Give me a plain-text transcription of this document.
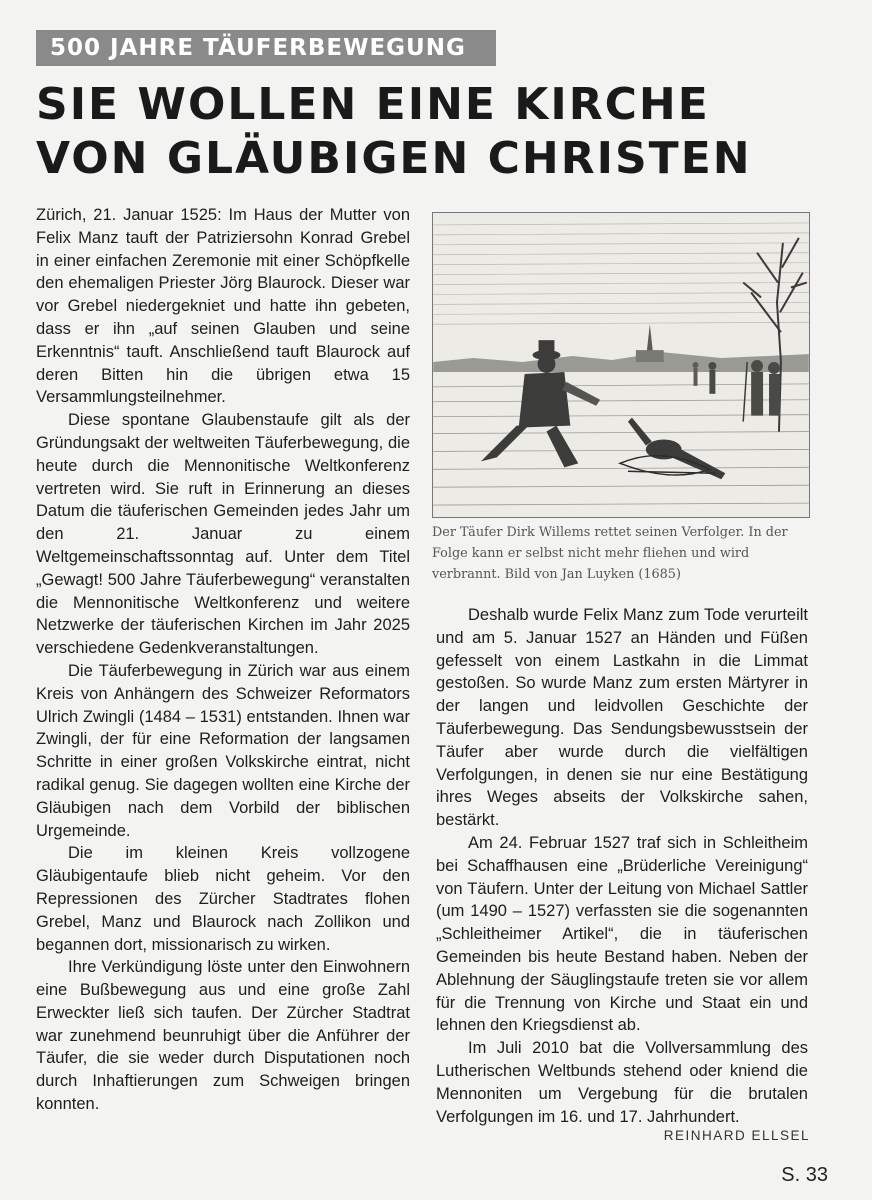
500 JAHRE TÄUFERBEWEGUNG
SIE WOLLEN EINE KIRCHE
VON GLÄUBIGEN CHRISTEN

Zürich, 21. Januar 1525: Im Haus der Mutter von Felix Manz tauft der Patriziersohn Konrad Grebel in einer einfachen Zeremonie mit einer Schöpfkelle den ehemaligen Priester Jörg Blaurock. Dieser war vor Grebel niedergekniet und hatte ihn gebeten, dass er ihn „auf seinen Glauben und seine Erkenntnis“ tauft. Anschließend tauft Blaurock auf deren Bitten hin die übrigen etwa 15 Versammlungsteilnehmer.

Diese spontane Glaubenstaufe gilt als der Gründungsakt der weltweiten Täuferbewegung, die heute durch die Mennonitische Weltkonferenz vertreten wird. Sie ruft in Erinnerung an dieses Datum die täuferischen Gemeinden jedes Jahr um den 21. Januar zu einem Weltgemeinschaftssonntag auf. Unter dem Titel „Gewagt! 500 Jahre Täuferbewegung“ veranstalten die Mennonitische Weltkonferenz und weitere Netzwerke der täuferischen Kirchen im Jahr 2025 verschiedene Gedenkveranstaltungen.

Die Täuferbewegung in Zürich war aus einem Kreis von Anhängern des Schweizer Reformators Ulrich Zwingli (1484 – 1531) entstanden. Ihnen war Zwingli, der für eine Reformation der langsamen Schritte in einer großen Volkskirche eintrat, nicht radikal genug. Sie dagegen wollten eine Kirche der Gläubigen nach dem Vorbild der biblischen Urgemeinde.

Die im kleinen Kreis vollzogene Gläubigentaufe blieb nicht geheim. Vor den Repressionen des Zürcher Stadtrates flohen Grebel, Manz und Blaurock nach Zollikon und begannen dort, missionarisch zu wirken.

Ihre Verkündigung löste unter den Einwohnern eine Bußbewegung aus und eine große Zahl Erweckter ließ sich taufen. Der Zürcher Stadtrat war zunehmend beunruhigt über die Anführer der Täufer, die sie weder durch Disputationen noch durch Inhaftierungen zum Schweigen bringen konnten.

Der Täufer Dirk Willems rettet seinen Verfolger. In der Folge kann er selbst nicht mehr fliehen und wird verbrannt. Bild von Jan Luyken (1685)

Deshalb wurde Felix Manz zum Tode verurteilt und am 5. Januar 1527 an Händen und Füßen gefesselt von einem Lastkahn in die Limmat gestoßen. So wurde Manz zum ersten Märtyrer in der langen und leidvollen Geschichte der Täuferbewegung. Das Sendungsbewusstsein der Täufer aber wurde durch die vielfältigen Verfolgungen, in denen sie nur eine Bestätigung ihres Weges abseits der Volkskirche sahen, bestärkt.

Am 24. Februar 1527 traf sich in Schleitheim bei Schaffhausen eine „Brüderliche Vereinigung“ von Täufern. Unter der Leitung von Michael Sattler (um 1490 – 1527) verfassten sie die sogenannten „Schleitheimer Artikel“, die in täuferischen Gemeinden bis heute Bestand haben. Neben der Ablehnung der Säuglingstaufe treten sie vor allem für die Trennung von Kirche und Staat ein und lehnen den Kriegsdienst ab.

Im Juli 2010 bat die Vollversammlung des Lutherischen Weltbunds stehend oder kniend die Mennoniten um Vergebung für die brutalen Verfolgungen im 16. und 17. Jahrhundert.

REINHARD ELLSEL
S. 33
